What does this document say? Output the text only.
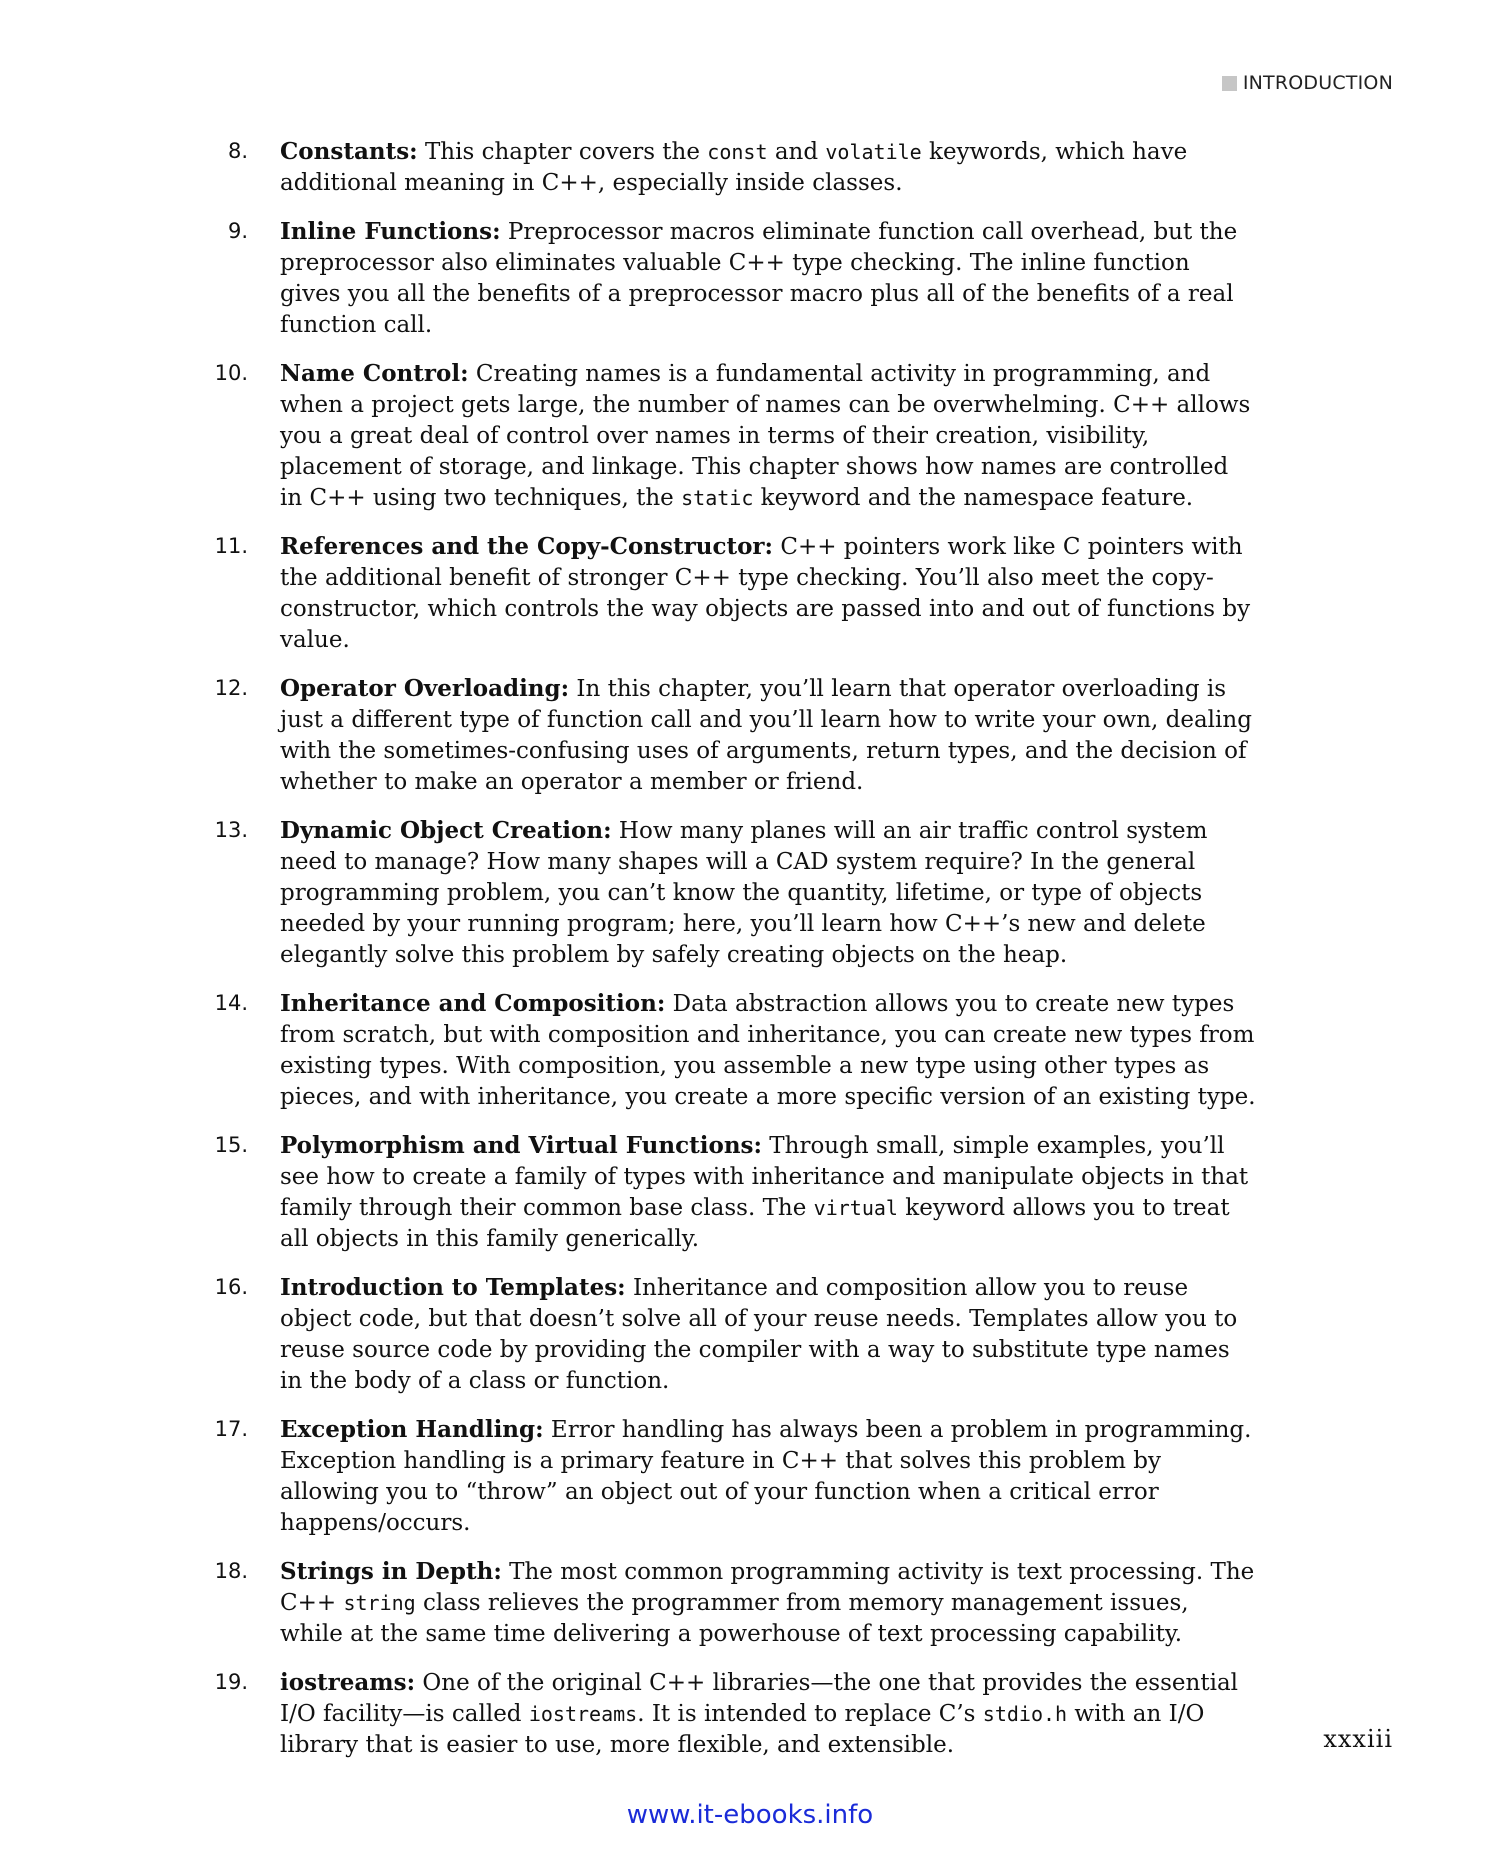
INTRODUCTION
8. Constants: This chapter covers the const and volatile keywords, which have additional meaning in C++, especially inside classes.
9. Inline Functions: Preprocessor macros eliminate function call overhead, but the preprocessor also eliminates valuable C++ type checking. The inline function gives you all the benefits of a preprocessor macro plus all of the benefits of a real function call.
10. Name Control: Creating names is a fundamental activity in programming, and when a project gets large, the number of names can be overwhelming. C++ allows you a great deal of control over names in terms of their creation, visibility, placement of storage, and linkage. This chapter shows how names are controlled in C++ using two techniques, the static keyword and the namespace feature.
11. References and the Copy-Constructor: C++ pointers work like C pointers with the additional benefit of stronger C++ type checking. You’ll also meet the copy-constructor, which controls the way objects are passed into and out of functions by value.
12. Operator Overloading: In this chapter, you’ll learn that operator overloading is just a different type of function call and you’ll learn how to write your own, dealing with the sometimes-confusing uses of arguments, return types, and the decision of whether to make an operator a member or friend.
13. Dynamic Object Creation: How many planes will an air traffic control system need to manage? How many shapes will a CAD system require? In the general programming problem, you can’t know the quantity, lifetime, or type of objects needed by your running program; here, you’ll learn how C++’s new and delete elegantly solve this problem by safely creating objects on the heap.
14. Inheritance and Composition: Data abstraction allows you to create new types from scratch, but with composition and inheritance, you can create new types from existing types. With composition, you assemble a new type using other types as pieces, and with inheritance, you create a more specific version of an existing type.
15. Polymorphism and Virtual Functions: Through small, simple examples, you’ll see how to create a family of types with inheritance and manipulate objects in that family through their common base class. The virtual keyword allows you to treat all objects in this family generically.
16. Introduction to Templates: Inheritance and composition allow you to reuse object code, but that doesn’t solve all of your reuse needs. Templates allow you to reuse source code by providing the compiler with a way to substitute type names in the body of a class or function.
17. Exception Handling: Error handling has always been a problem in programming. Exception handling is a primary feature in C++ that solves this problem by allowing you to “throw” an object out of your function when a critical error happens/occurs.
18. Strings in Depth: The most common programming activity is text processing. The C++ string class relieves the programmer from memory management issues, while at the same time delivering a powerhouse of text processing capability.
19. iostreams: One of the original C++ libraries—the one that provides the essential I/O facility—is called iostreams. It is intended to replace C’s stdio.h with an I/O library that is easier to use, more flexible, and extensible.	xxxiii
www.it-ebooks.info
